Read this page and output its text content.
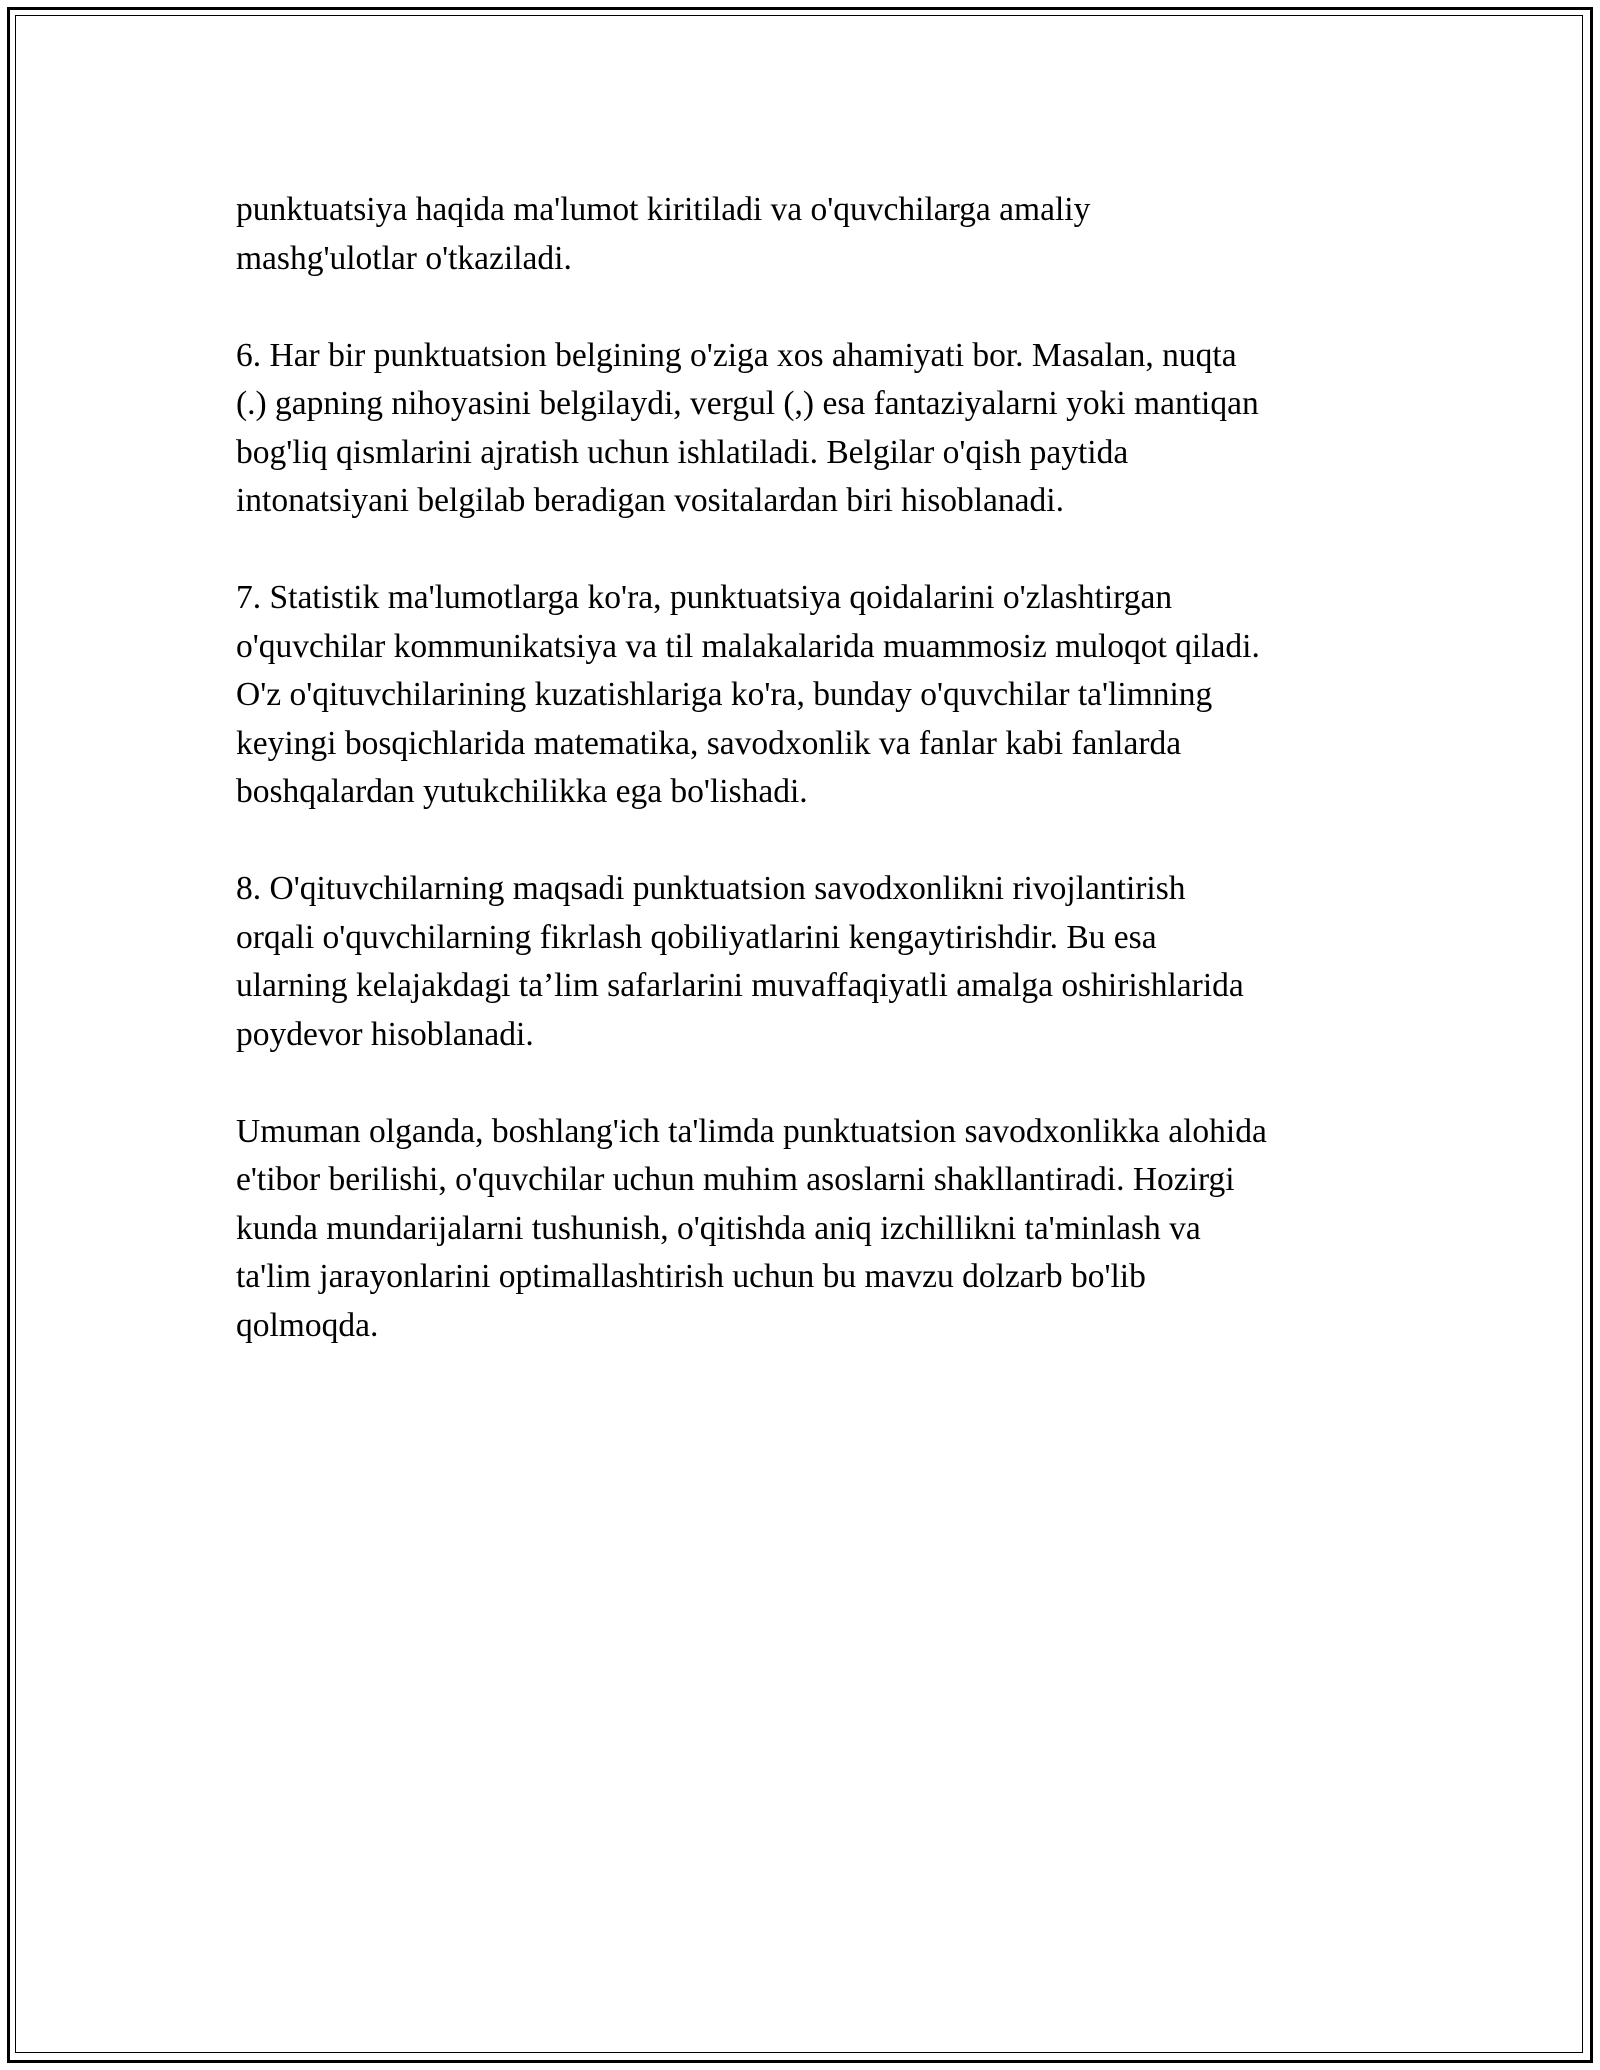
punktuatsiya haqida ma'lumot kiritiladi va o'quvchilarga amaliy
mashg'ulotlar o'tkaziladi.

6. Har bir punktuatsion belgining o'ziga xos ahamiyati bor. Masalan, nuqta
(.) gapning nihoyasini belgilaydi, vergul (,) esa fantaziyalarni yoki mantiqan
bog'liq qismlarini ajratish uchun ishlatiladi. Belgilar o'qish paytida
intonatsiyani belgilab beradigan vositalardan biri hisoblanadi.

7. Statistik ma'lumotlarga ko'ra, punktuatsiya qoidalarini o'zlashtirgan
o'quvchilar kommunikatsiya va til malakalarida muammosiz muloqot qiladi.
O'z o'qituvchilarining kuzatishlariga ko'ra, bunday o'quvchilar ta'limning
keyingi bosqichlarida matematika, savodxonlik va fanlar kabi fanlarda
boshqalardan yutukchilikka ega bo'lishadi.

8. O'qituvchilarning maqsadi punktuatsion savodxonlikni rivojlantirish
orqali o'quvchilarning fikrlash qobiliyatlarini kengaytirishdir. Bu esa
ularning kelajakdagi ta’lim safarlarini muvaffaqiyatli amalga oshirishlarida
poydevor hisoblanadi.

Umuman olganda, boshlang'ich ta'limda punktuatsion savodxonlikka alohida
e'tibor berilishi, o'quvchilar uchun muhim asoslarni shakllantiradi. Hozirgi
kunda mundarijalarni tushunish, o'qitishda aniq izchillikni ta'minlash va
ta'lim jarayonlarini optimallashtirish uchun bu mavzu dolzarb bo'lib
qolmoqda.
